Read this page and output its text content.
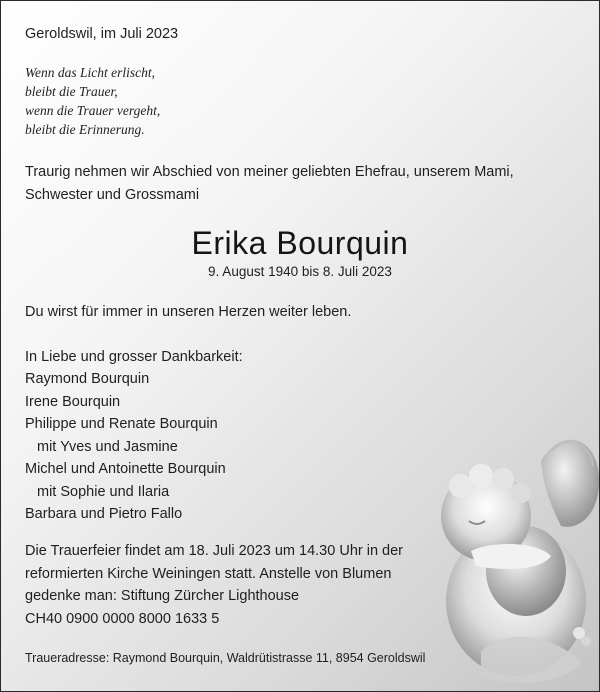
Geroldswil, im Juli 2023

Wenn das Licht erlischt,
bleibt die Trauer,
wenn die Trauer vergeht,
bleibt die Erinnerung.

Traurig nehmen wir Abschied von meiner geliebten Ehefrau, unserem Mami, Schwester und Grossmami

Erika Bourquin

9. August 1940 bis 8. Juli 2023

Du wirst für immer in unseren Herzen weiter leben.

In Liebe und grosser Dankbarkeit:

Raymond Bourquin
Irene Bourquin
Philippe und Renate Bourquin
mit Yves und Jasmine
Michel und Antoinette Bourquin
mit Sophie und Ilaria
Barbara und Pietro Fallo

Die Trauerfeier findet am 18. Juli 2023 um 14.30 Uhr in der
reformierten Kirche Weiningen statt. Anstelle von Blumen
gedenke man: Stiftung Zürcher Lighthouse
CH40 0900 0000 8000 1633 5

Traueradresse: Raymond Bourquin, Waldrütistrasse 11, 8954 Geroldswil
